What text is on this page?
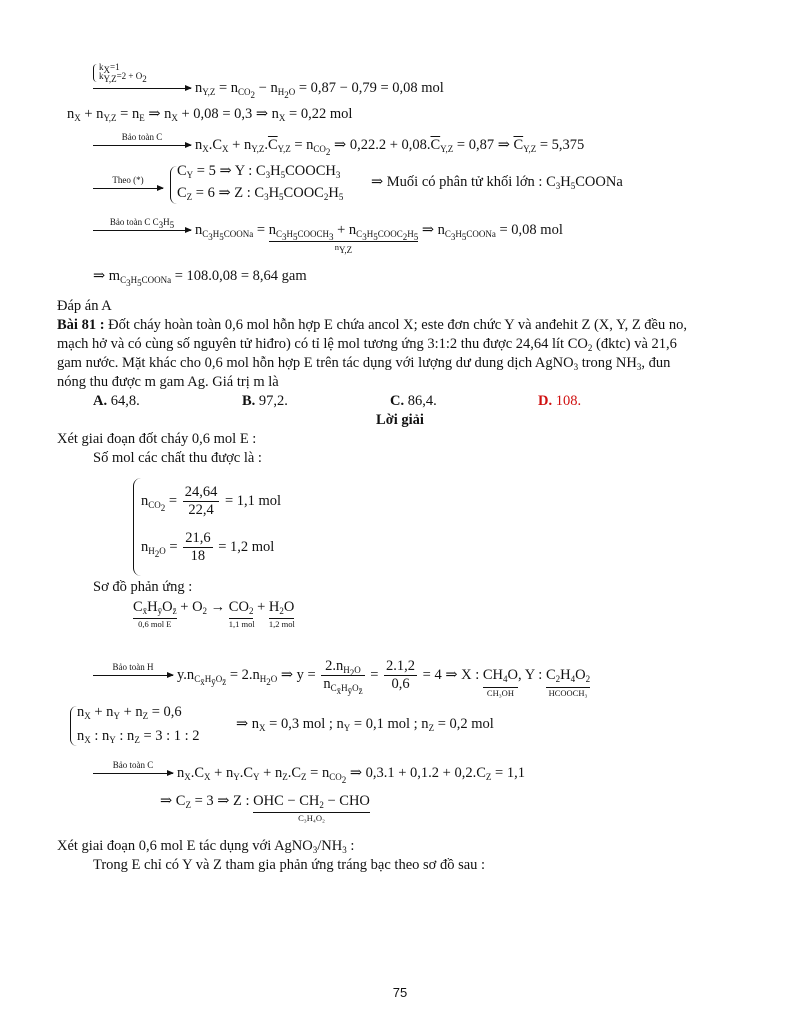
$k_X=1$
$k_{Y,Z}=2 + O_2$
$n_{Y,Z} = n_{CO_2} - n_{H_2O} = 0,87 - 0,79 = 0,08$ mol
$n_X + n_{Y,Z} = n_E$ ⇒ $n_X + 0,08 = 0,3$ ⇒ $n_X = 0,22$ mol
Bảo toàn C	$n_X.C_X + n_{Y,Z}.\overline{C}_{Y,Z} = n_{CO_2}$ ⇒ $0,22.2 + 0,08.\overline{C}_{Y,Z} = 0,87$ ⇒ $\overline{C}_{Y,Z} = 5,375$
Theo (*)
$C_Y = 5$ ⇒ Y : $C_3H_5COOCH_3$
$C_Z = 6$ ⇒ Z : $C_3H_5COOC_2H_5$
⇒ Muối có phân tử khối lớn : $C_3H_5COONa$
Bảo toàn C $C_3H_5$	$n_{C_3H_5COONa} = n_{C_3H_5COOCH_3} + n_{C_3H_5COOC_2H_5}$
$n_{Y,Z}$
⇒ $n_{C_3H_5COONa} = 0,08$ mol
⇒ $m_{C_3H_5COONa} = 108.0,08 = 8,64$ gam
Đáp án A
Bài 81 : Đốt cháy hoàn toàn 0,6 mol hỗn hợp E chứa ancol X; este đơn chức Y và anđehit Z (X, Y, Z đều no,
mạch hở và có cùng số nguyên tử hiđro) có tỉ lệ mol tương ứng 3:1:2 thu được 24,64 lít $CO_2$ (đktc) và 21,6
gam nước. Mặt khác cho 0,6 mol hỗn hợp E trên tác dụng với lượng dư dung dịch AgNO$_3$ trong $NH_3$, đun
nóng thu được m gam Ag. Giá trị m là
A. 64,8.	B. 97,2.	C. 86,4.	D. 108.
Lời giải
Xét giai đoạn đốt cháy 0,6 mol E :
Số mol các chất thu được là :
$n_{CO_2} = \frac{24,64}{22,4} = 1,1$ mol
$n_{H_2O} = \frac{21,6}{18} = 1,2$ mol
Sơ đồ phản ứng :
$C_{x̄}H_ȳO_{z̄}$
0,6 mol E
+ $O_2 \to CO_2$
1,1 mol
+ $H_2O$
1,2 mol
Bảo toàn H	$y.n_{C_{x̄}H_ȳO_{z̄}} = 2.n_{H_2O}$ ⇒ $y = \frac{2.n_{H_2O}}{n_{C_{x̄}H_ȳO_{z̄}}} = \frac{2.1,2}{0,6} = 4$ ⇒ X : $CH_4O$
CH₃OH
, Y : $C_2H_4O_2$
HCOOCH₃
$n_X + n_Y + n_Z = 0,6$
$n_X$ : $n_Y$ : $n_Z = 3$ : 1 : 2
⇒ $n_X = 0,3$ mol ; $n_Y = 0,1$ mol ; $n_Z = 0,2$ mol
Bảo toàn C	$n_X.C_X + n_Y.C_Y + n_Z.C_Z = n_{CO_2}$ ⇒ $0,3.1 + 0,1.2 + 0,2.C_Z = 1,1$
⇒ $C_Z = 3$ ⇒ Z : OHC − $CH_2$ − CHO
C₃H₄O₂
Xét giai đoạn 0,6 mol E tác dụng với $AgNO_3/NH_3$ :
Trong E chỉ có Y và Z tham gia phản ứng tráng bạc theo sơ đồ sau :
75
